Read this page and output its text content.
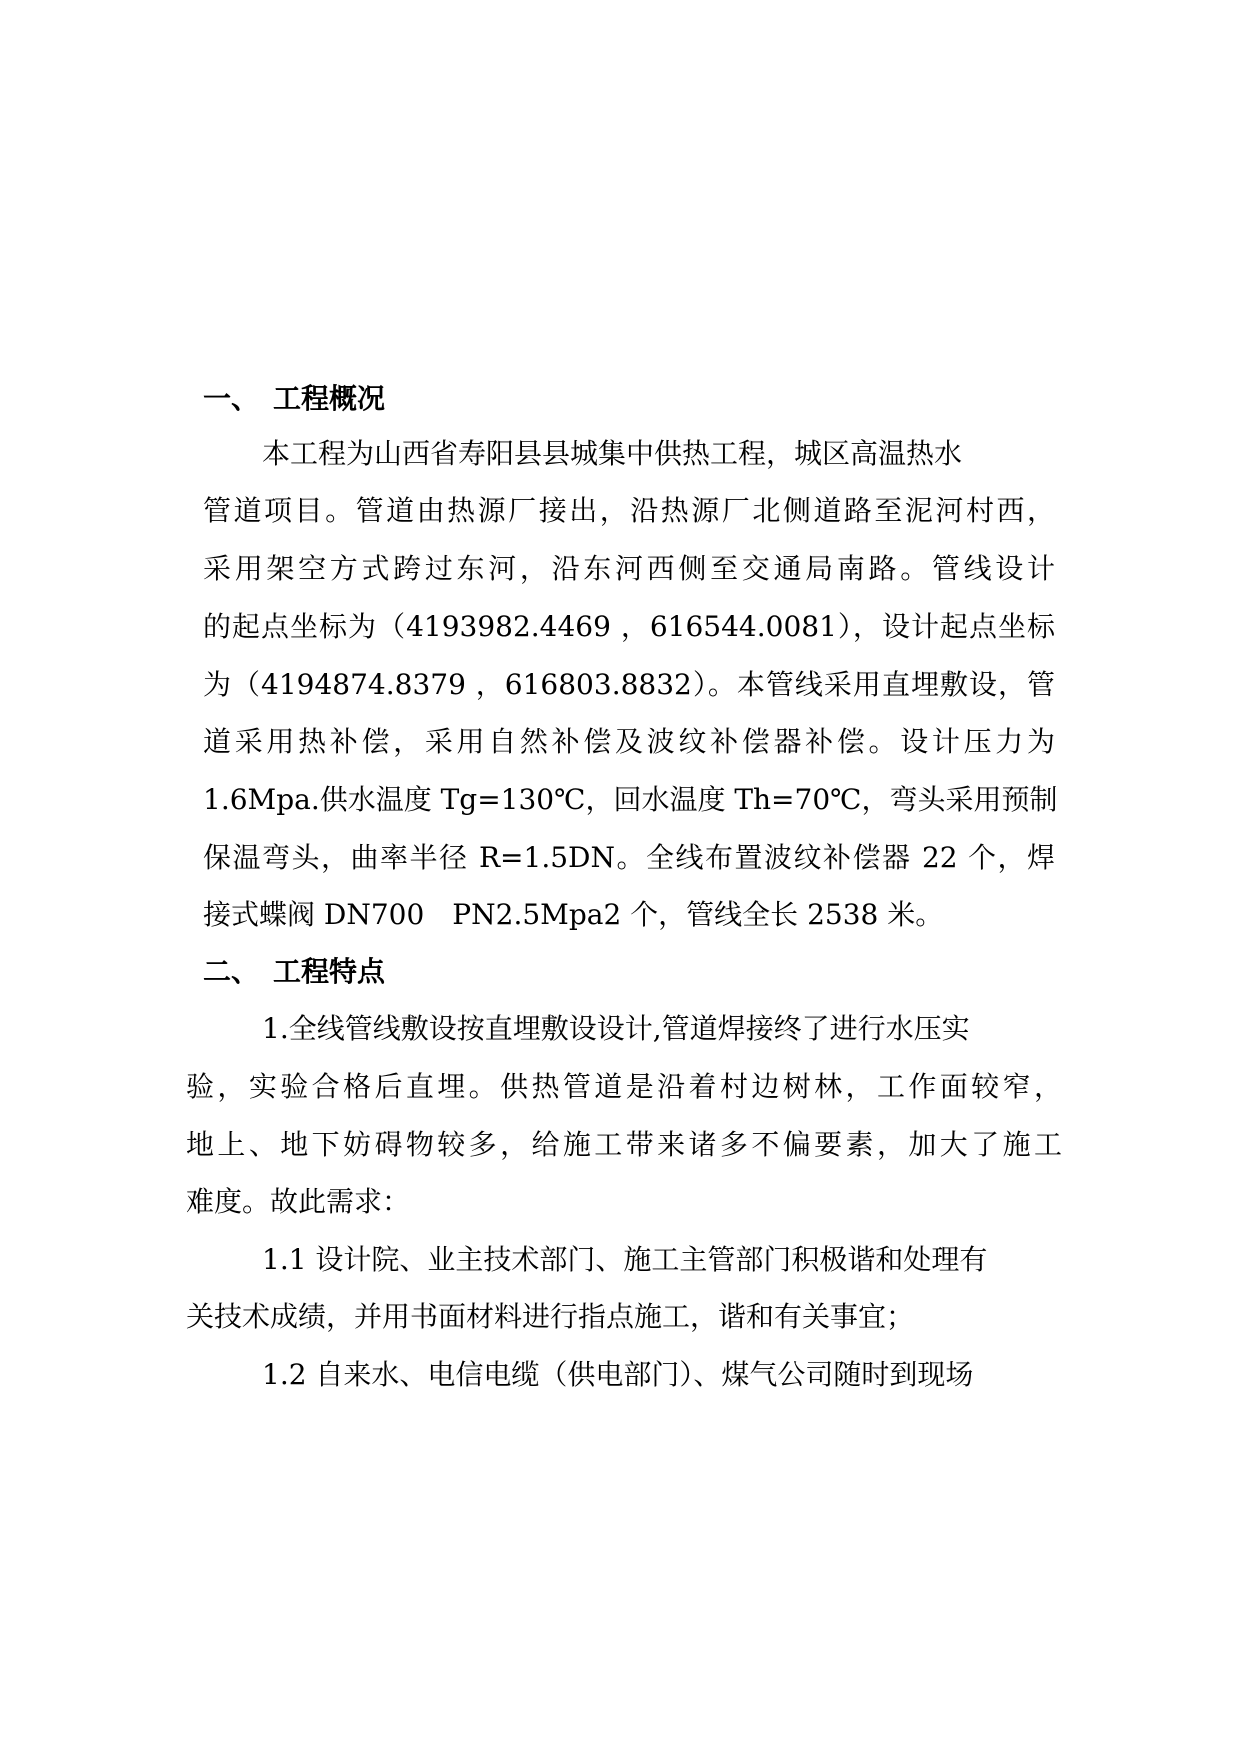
一、 工程概况
本工程为山西省寿阳县县城集中供热工程，城区高温热水
管道项目。管道由热源厂接出，沿热源厂北侧道路至泥河村西，
采用架空方式跨过东河，沿东河西侧至交通局南路。管线设计
的起点坐标为（4193982.4469 ，616544.0081），设计起点坐标
为（4194874.8379 ，616803.8832）。本管线采用直埋敷设，管
道采用热补偿，采用自然补偿及波纹补偿器补偿。设计压力为
1.6Mpa.供水温度 Tg=130℃，回水温度 Th=70℃，弯头采用预制
保温弯头，曲率半径 R=1.5DN。全线布置波纹补偿器 22 个，焊
接式蝶阀 DN700　PN2.5Mpa2 个，管线全长 2538 米。
二、 工程特点
1.全线管线敷设按直埋敷设设计,管道焊接终了进行水压实
验，实验合格后直埋。供热管道是沿着村边树林，工作面较窄，
地上、地下妨碍物较多，给施工带来诸多不偏要素，加大了施工
难度。故此需求：
1.1 设计院、业主技术部门、施工主管部门积极谐和处理有
关技术成绩，并用书面材料进行指点施工，谐和有关事宜；
1.2 自来水、电信电缆（供电部门）、煤气公司随时到现场
